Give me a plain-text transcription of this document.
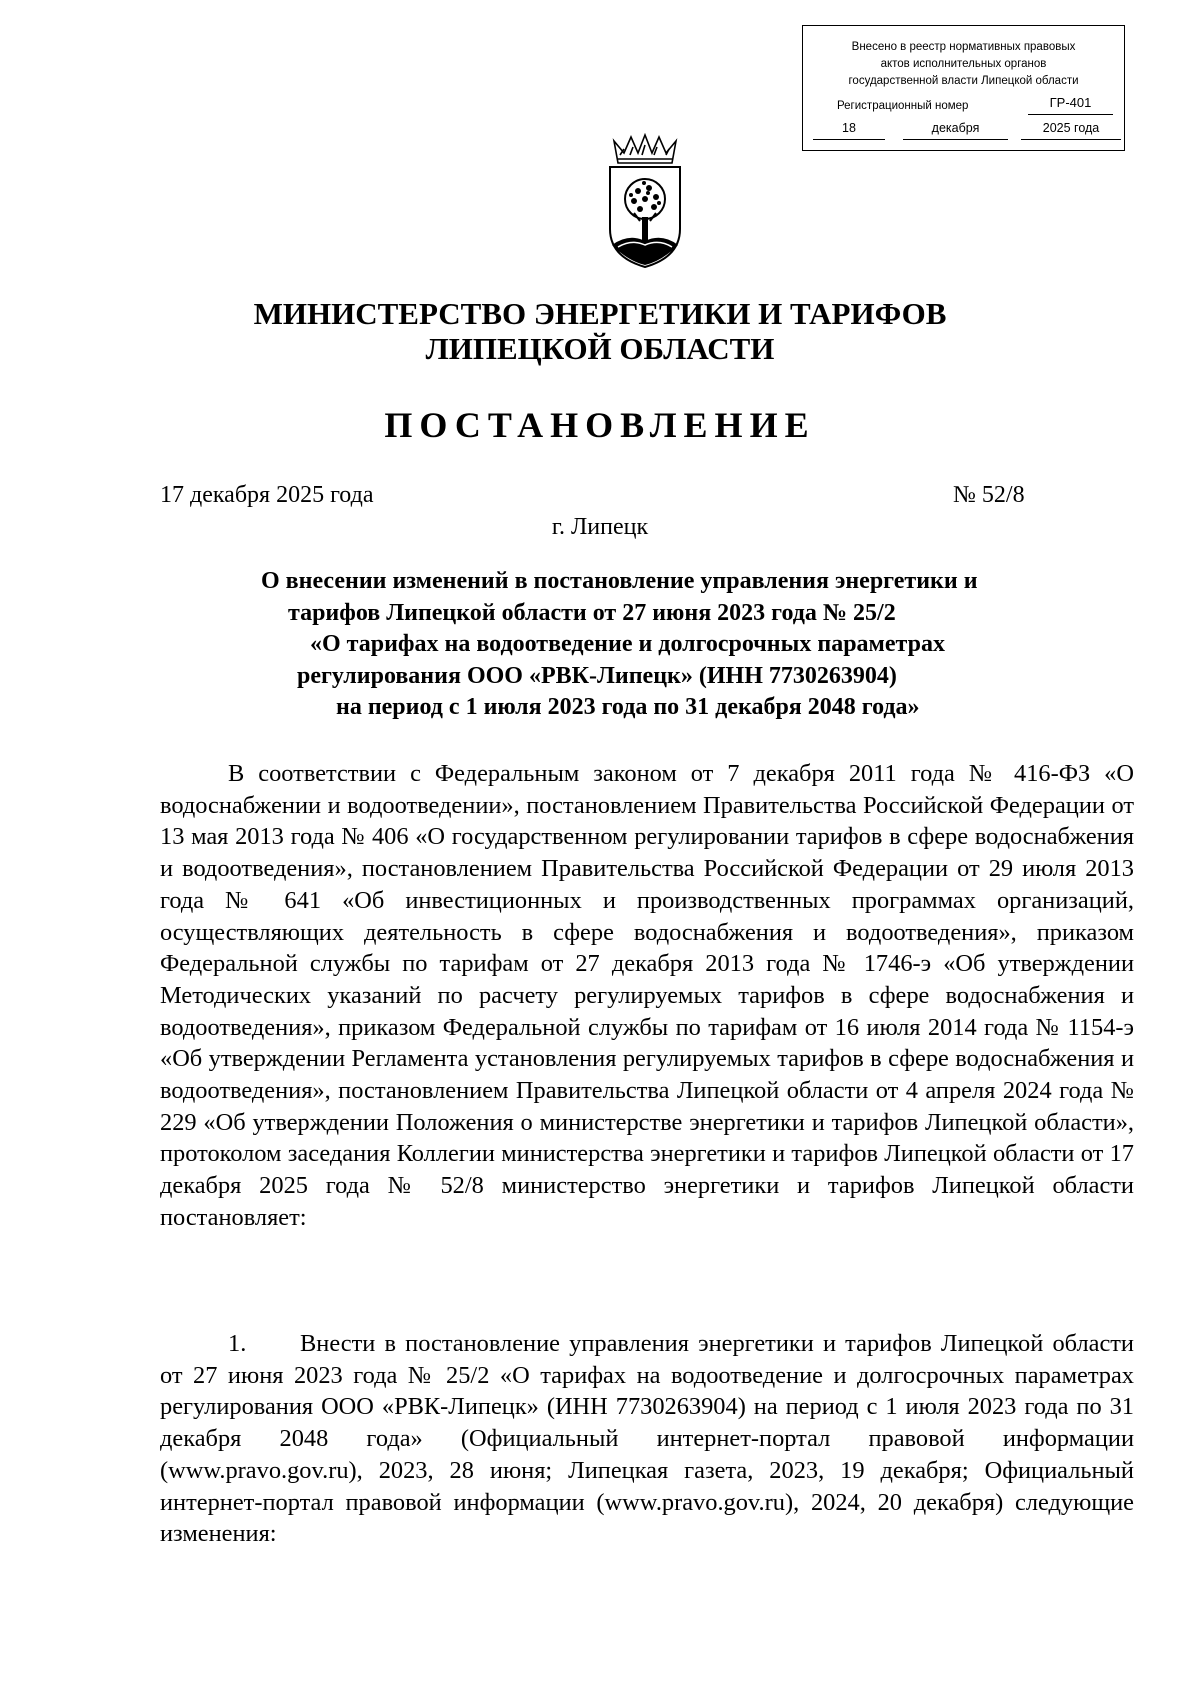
Внесено в реестр нормативных правовых
актов исполнительных органов
государственной власти Липецкой области
Регистрационный номер	ГР-401
18	декабря	2025 года
МИНИСТЕРСТВО ЭНЕРГЕТИКИ И ТАРИФОВ
ЛИПЕЦКОЙ ОБЛАСТИ
ПОСТАНОВЛЕНИЕ
17 декабря 2025 года	№ 52/8
г. Липецк
О внесении изменений в постановление управления энергетики и
тарифов Липецкой области от 27 июня 2023 года № 25/2
«О тарифах на водоотведение и долгосрочных параметрах
регулирования ООО «РВК-Липецк» (ИНН 7730263904)
на период с 1 июля 2023 года по 31 декабря 2048 года»
В соответствии с Федеральным законом от 7 декабря 2011 года № 416-ФЗ «О водоснабжении и водоотведении», постановлением Правительства Российской Федерации от 13 мая 2013 года № 406 «О государственном регулировании тарифов в сфере водоснабжения и водоотведения», постановлением Правительства Российской Федерации от 29 июля 2013 года № 641 «Об инвестиционных и производственных программах организаций, осуществляющих деятельность в сфере водоснабжения и водоотведения», приказом Федеральной службы по тарифам от 27 декабря 2013 года № 1746-э «Об утверждении Методических указаний по расчету регулируемых тарифов в сфере водоснабжения и водоотведения», приказом Федеральной службы по тарифам от 16 июля 2014 года № 1154-э «Об утверждении Регламента установления регулируемых тарифов в сфере водоснабжения и водоотведения», постановлением Правительства Липецкой области от 4 апреля 2024 года № 229 «Об утверждении Положения о министерстве энергетики и тарифов Липецкой области», протоколом заседания Коллегии министерства энергетики и тарифов Липецкой области от 17 декабря 2025 года № 52/8 министерство энергетики и тарифов Липецкой области постановляет:
1. Внести в постановление управления энергетики и тарифов Липецкой области от 27 июня 2023 года № 25/2 «О тарифах на водоотведение и долгосрочных параметрах регулирования ООО «РВК-Липецк» (ИНН 7730263904) на период с 1 июля 2023 года по 31 декабря 2048 года» (Официальный интернет-портал правовой информации (www.pravo.gov.ru), 2023, 28 июня; Липецкая газета, 2023, 19 декабря; Официальный интернет-портал правовой информации (www.pravo.gov.ru), 2024, 20 декабря) следующие изменения:
